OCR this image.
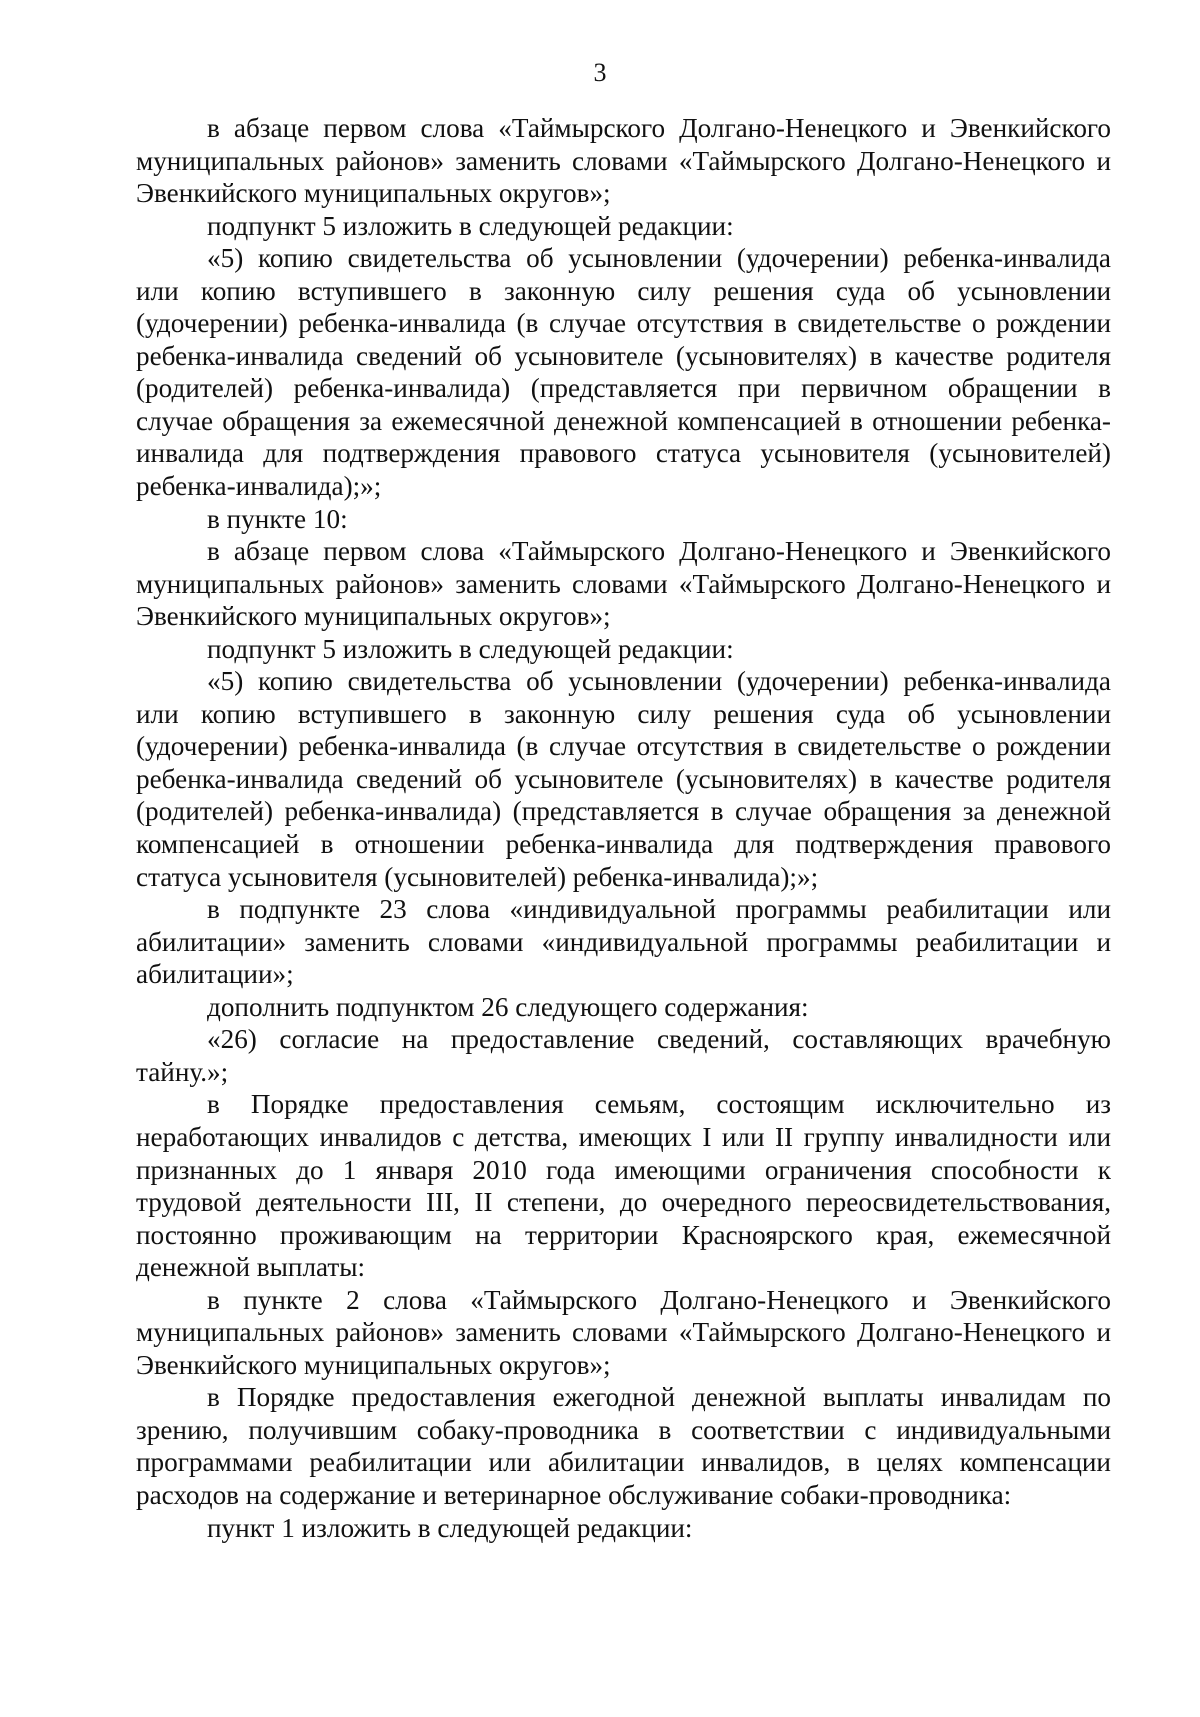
3

в абзаце первом слова «Таймырского Долгано-Ненецкого и Эвенкийского муниципальных районов» заменить словами «Таймырского Долгано-Ненецкого и Эвенкийского муниципальных округов»;

подпункт 5 изложить в следующей редакции:

«5) копию свидетельства об усыновлении (удочерении) ребенка-инвалида или копию вступившего в законную силу решения суда об усыновлении (удочерении) ребенка-инвалида (в случае отсутствия в свидетельстве о рождении ребенка-инвалида сведений об усыновителе (усыновителях) в качестве родителя (родителей) ребенка-инвалида) (представляется при первичном обращении в случае обращения за ежемесячной денежной компенсацией в отношении ребенка-инвалида для подтверждения правового статуса усыновителя (усыновителей) ребенка-инвалида);»;

в пункте 10:

в абзаце первом слова «Таймырского Долгано-Ненецкого и Эвенкийского муниципальных районов» заменить словами «Таймырского Долгано-Ненецкого и Эвенкийского муниципальных округов»;

подпункт 5 изложить в следующей редакции:

«5) копию свидетельства об усыновлении (удочерении) ребенка-инвалида или копию вступившего в законную силу решения суда об усыновлении (удочерении) ребенка-инвалида (в случае отсутствия в свидетельстве о рождении ребенка-инвалида сведений об усыновителе (усыновителях) в качестве родителя (родителей) ребенка-инвалида) (представляется в случае обращения за денежной компенсацией в отношении ребенка-инвалида для подтверждения правового статуса усыновителя (усыновителей) ребенка-инвалида);»;

в подпункте 23 слова «индивидуальной программы реабилитации или абилитации» заменить словами «индивидуальной программы реабилитации и абилитации»;

дополнить подпунктом 26 следующего содержания:

«26) согласие на предоставление сведений, составляющих врачебную тайну.»;

в Порядке предоставления семьям, состоящим исключительно из неработающих инвалидов с детства, имеющих I или II группу инвалидности или признанных до 1 января 2010 года имеющими ограничения способности к трудовой деятельности III, II степени, до очередного переосвидетельствования, постоянно проживающим на территории Красноярского края, ежемесячной денежной выплаты:

в пункте 2 слова «Таймырского Долгано-Ненецкого и Эвенкийского муниципальных районов» заменить словами «Таймырского Долгано-Ненецкого и Эвенкийского муниципальных округов»;

в Порядке предоставления ежегодной денежной выплаты инвалидам по зрению, получившим собаку-проводника в соответствии с индивидуальными программами реабилитации или абилитации инвалидов, в целях компенсации расходов на содержание и ветеринарное обслуживание собаки-проводника:

пункт 1 изложить в следующей редакции:
